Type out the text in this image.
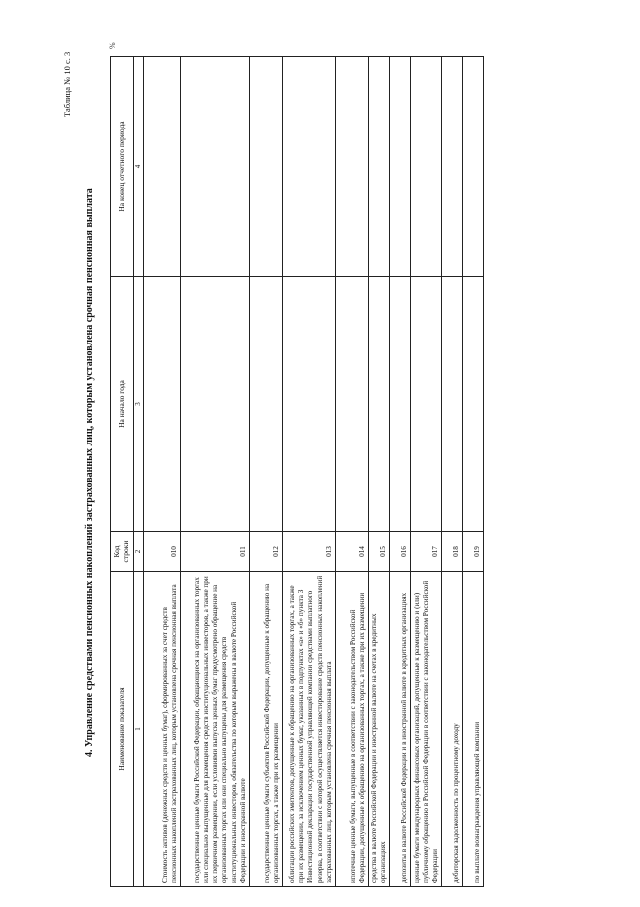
Таблица № 10 с. 3
4. Управление средствами пенсионных накоплений застрахованных лиц, которым установлена срочная пенсионная выплата
%
Наименование показателя	Код строки	На начало года	На конец отчетного периода
1	2	3	4
Стоимость активов (денежных средств и ценных бумаг), сформированных за счет средств пенсионных накоплений застрахованных лиц, которым установлена срочная пенсионная выплата	010		
государственные ценные бумаги Российской Федерации, обращающиеся на организованных торгах или специально выпущенные для размещения средств институциональных инвесторов, а также при их первичном размещении, если условиями выпуска ценных бумаг предусмотрено обращение на организованных торгах или они специально выпущены для размещения средств институциональных инвесторов, обязательства по которым выражены в валюте Российской Федерации и иностранной валюте	011		
государственные ценные бумаги субъектов Российской Федерации, допущенные к обращению на организованных торгах, а также при их размещении	012		
облигации российских эмитентов, допущенные к обращению на организованных торгах, а также при их размещении, за исключением ценных бумаг, указанных в подпунктах «а» и «б» пункта 3 Инвестиционной декларации государственной управляющей компании средствами выплатного резерва, в соответствии с которой осуществляется инвестирование средств пенсионных накоплений застрахованных лиц, которым установлена срочная пенсионная выплата	013		
ипотечные ценные бумаги, выпущенные в соответствии с законодательством Российской Федерации, допущенные к обращению на организованных торгах, а также при их размещении	014		
средства в валюте Российской Федерации и иностранной валюте на счетах в кредитных организациях	015		
депозиты в валюте Российской Федерации и в иностранной валюте в кредитных организациях	016		
ценные бумаги международных финансовых организаций, допущенные к размещению и (или) публичному обращению в Российской Федерации в соответствии с законодательством Российской Федерации	017		
дебиторская задолженность по процентному доходу	018		
по выплате вознаграждения управляющей компании	019		
